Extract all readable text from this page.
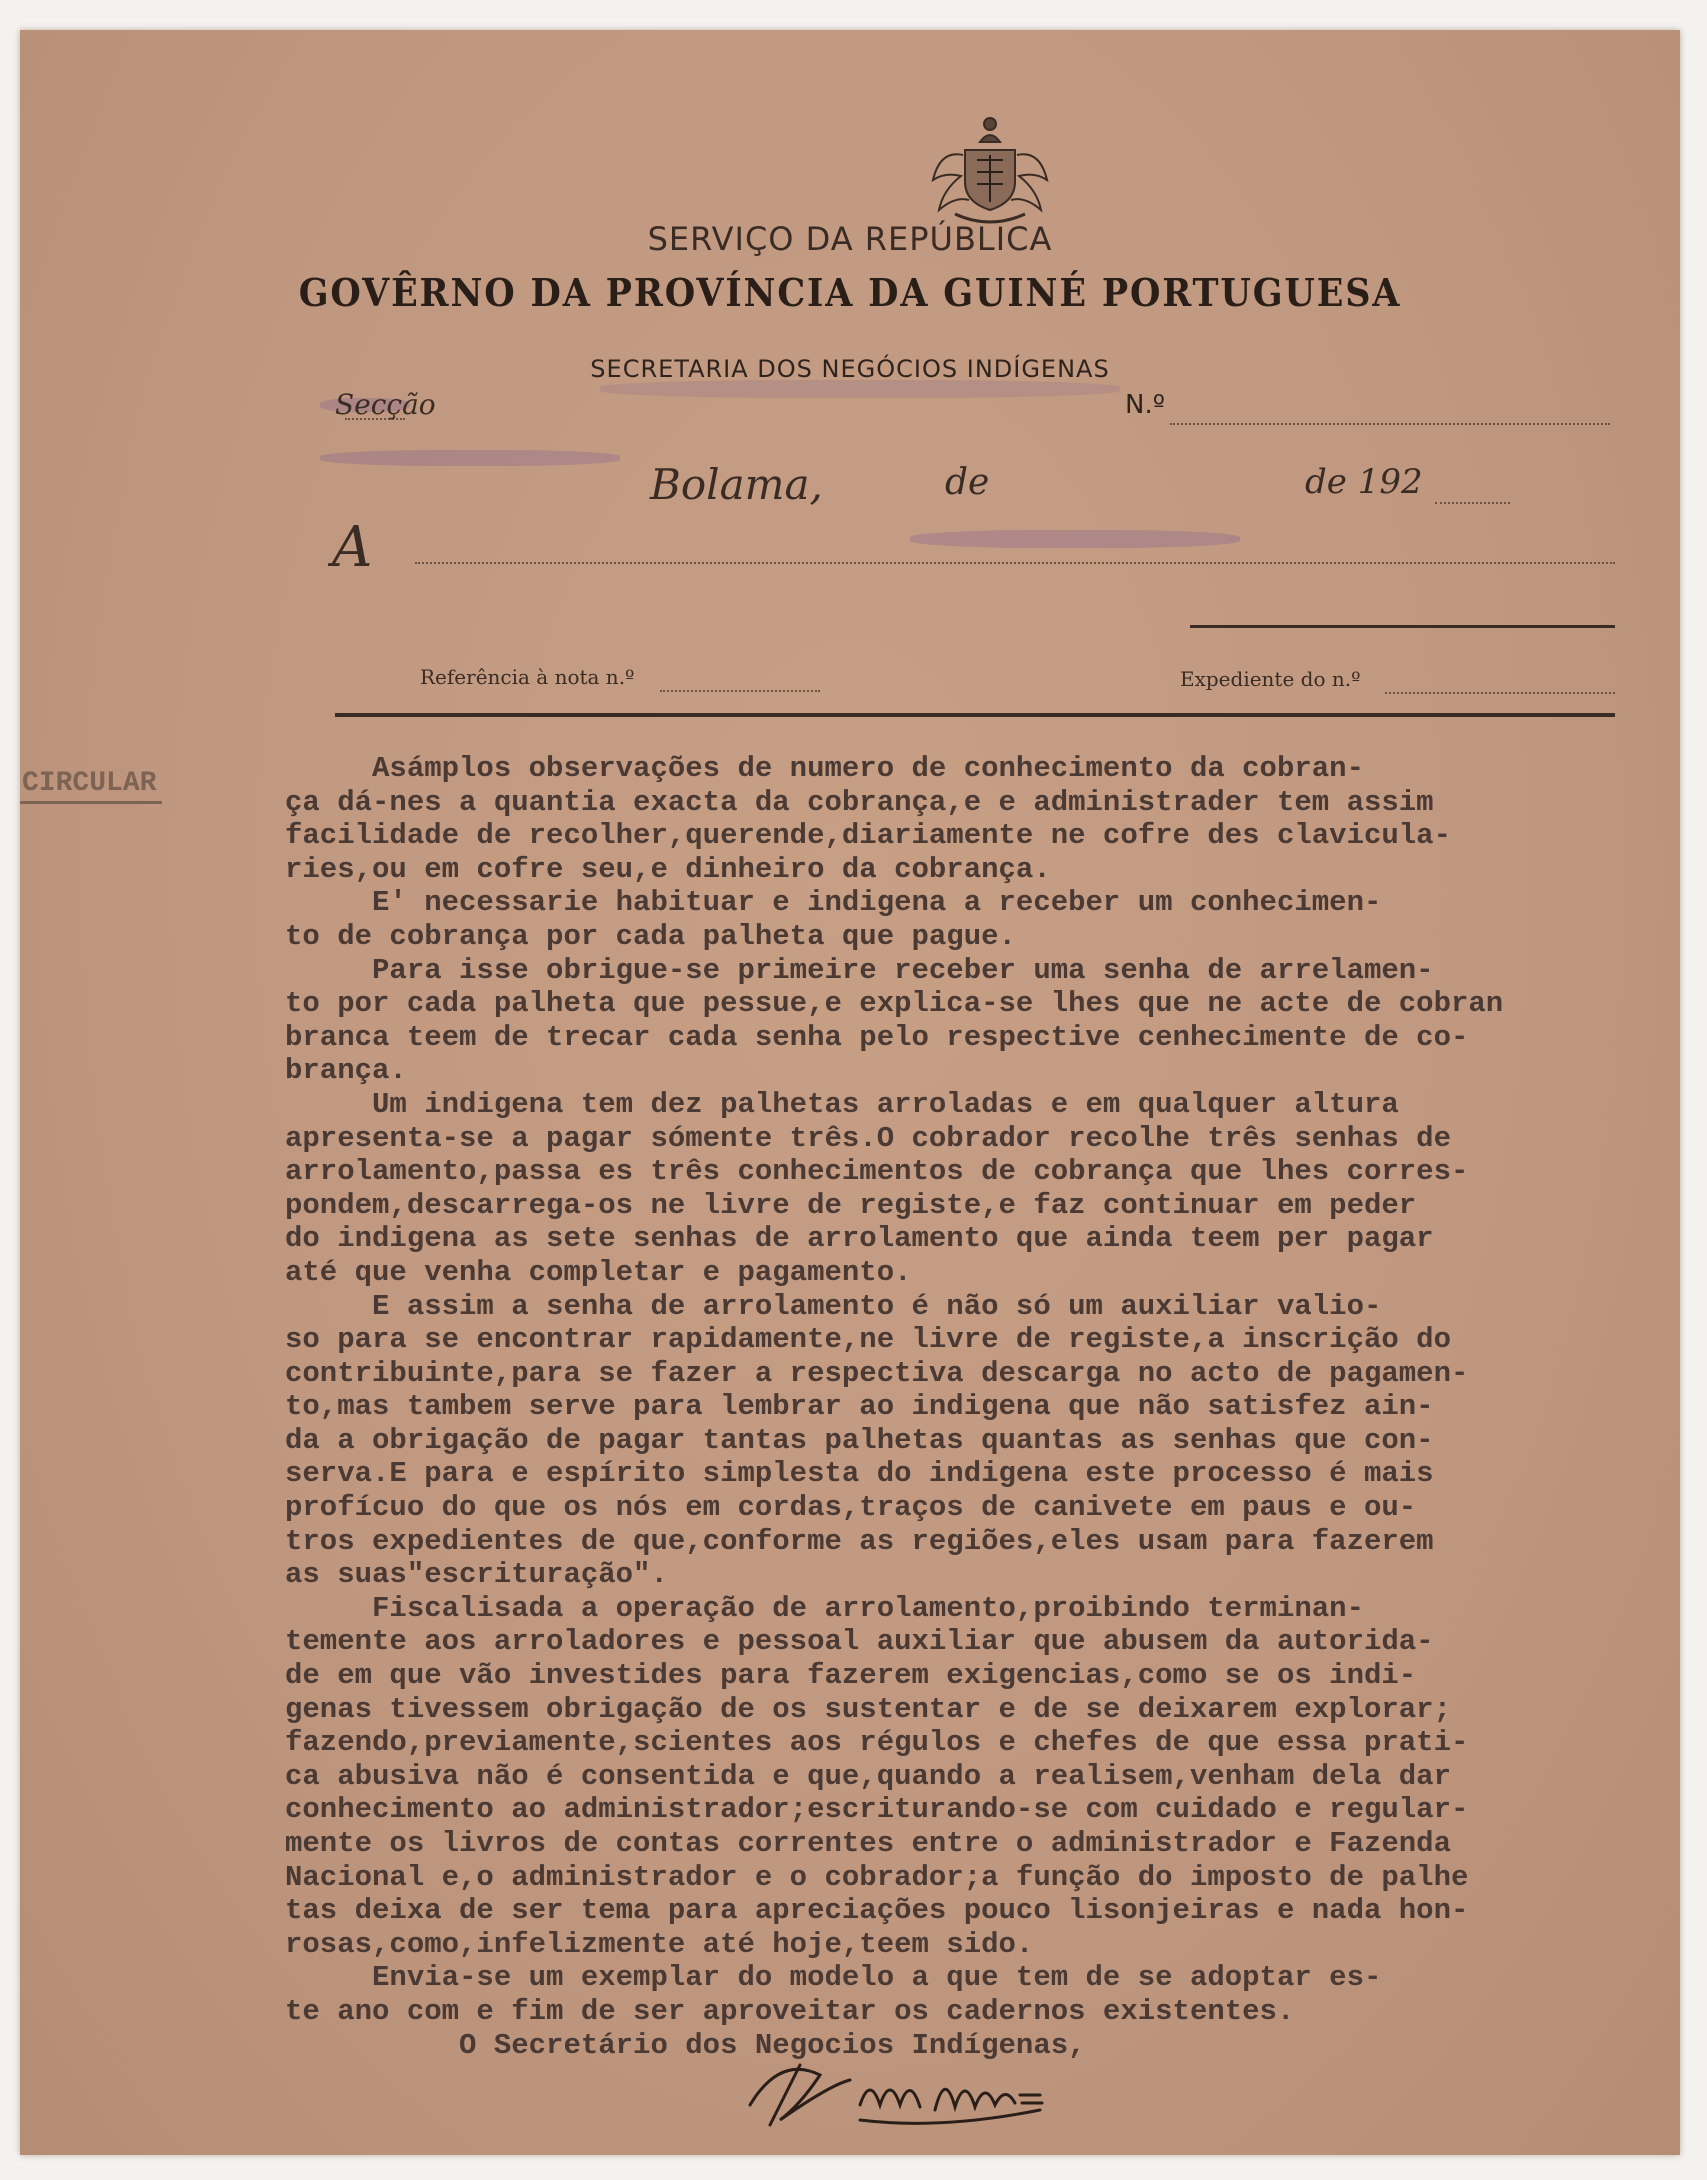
SERVIÇO DA REPÚBLICA
GOVÊRNO DA PROVÍNCIA DA GUINÉ PORTUGUESA
SECRETARIA DOS NEGÓCIOS INDÍGENAS
Secção	N.º
Bolama,	de	de 192
A
Referência à nota n.º	Expediente do n.º
CIRCULAR	Asámplos observações de numero de conhecimento da cobran-
ça dá-nes a quantia exacta da cobrança,e e administrader tem assim
facilidade de recolher,querende,diariamente ne cofre des clavicula-
ries,ou em cofre seu,e dinheiro da cobrança.
E' necessarie habituar e indigena a receber um conhecimen-
to de cobrança por cada palheta que pague.
Para isse obrigue-se primeire receber uma senha de arrelamen-
to por cada palheta que pessue,e explica-se lhes que ne acte de cobran
branca teem de trecar cada senha pelo respective cenhecimente de co-
brança.
Um indigena tem dez palhetas arroladas e em qualquer altura
apresenta-se a pagar sómente três.O cobrador recolhe três senhas de
arrolamento,passa es três conhecimentos de cobrança que lhes corres-
pondem,descarrega-os ne livre de registe,e faz continuar em peder
do indigena as sete senhas de arrolamento que ainda teem per pagar
até que venha completar e pagamento.
E assim a senha de arrolamento é não só um auxiliar valio-
so para se encontrar rapidamente,ne livre de registe,a inscrição do
contribuinte,para se fazer a respectiva descarga no acto de pagamen-
to,mas tambem serve para lembrar ao indigena que não satisfez ain-
da a obrigação de pagar tantas palhetas quantas as senhas que con-
serva.E para e espírito simplesta do indigena este processo é mais
profícuo do que os nós em cordas,traços de canivete em paus e ou-
tros expedientes de que,conforme as regiões,eles usam para fazerem
as suas"escrituração".
Fiscalisada a operação de arrolamento,proibindo terminan-
temente aos arroladores e pessoal auxiliar que abusem da autorida-
de em que vão investides para fazerem exigencias,como se os indi-
genas tivessem obrigação de os sustentar e de se deixarem explorar;
fazendo,previamente,scientes aos régulos e chefes de que essa prati-
ca abusiva não é consentida e que,quando a realisem,venham dela dar
conhecimento ao administrador;escriturando-se com cuidado e regular-
mente os livros de contas correntes entre o administrador e Fazenda
Nacional e,o administrador e o cobrador;a função do imposto de palhe
tas deixa de ser tema para apreciações pouco lisonjeiras e nada hon-
rosas,como,infelizmente até hoje,teem sido.
Envia-se um exemplar do modelo a que tem de se adoptar es-
te ano com e fim de ser aproveitar os cadernos existentes.
O Secretário dos Negocios Indígenas,
